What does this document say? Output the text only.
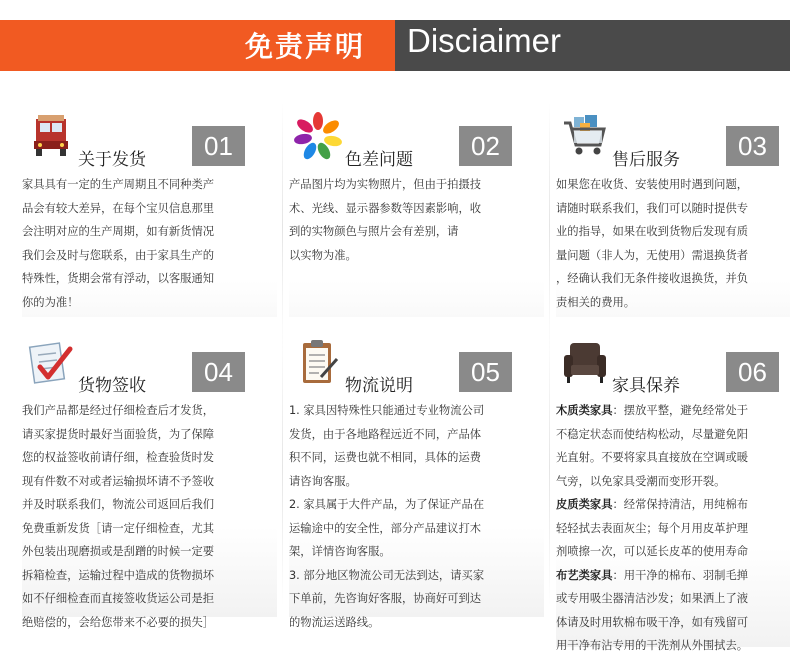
免责声明 Disciaimer
关于发货	01

家具具有一定的生产周期且不同种类产

品会有较大差异，在每个宝贝信息那里

会注明对应的生产周期，如有新货情况

我们会及时与您联系，由于家具生产的

特殊性，货期会常有浮动，以客服通知

你的为准！

色差问题	02

产品图片均为实物照片，但由于拍摄技

术、光线、显示器参数等因素影响，收

到的实物颜色与照片会有差别，请

以实物为准。

售后服务	03

如果您在收货、安装使用时遇到问题，

请随时联系我们，我们可以随时提供专

业的指导，如果在收到货物后发现有质

量问题（非人为，无使用）需退换货者

，经确认我们无条件接收退换货，并负

责相关的费用。

货物签收	04

我们产品都是经过仔细检查后才发货，

请买家提货时最好当面验货，为了保障

您的权益签收前请仔细，检查验货时发

现有件数不对或者运输损坏请不予签收

并及时联系我们，物流公司返回后我们

免费重新发货［请一定仔细检查，尤其

外包装出现磨损或是刮蹭的时候一定要

拆箱检查，运输过程中造成的货物损坏

如不仔细检查而直接签收货运公司是拒

绝赔偿的，会给您带来不必要的损失］

物流说明	05

1. 家具因特殊性只能通过专业物流公司

发货，由于各地路程远近不同，产品体

积不同，运费也就不相同，具体的运费

请咨询客服。

2. 家具属于大件产品，为了保证产品在

运输途中的安全性，部分产品建议打木

架，详情咨询客服。

3. 部分地区物流公司无法到达，请买家

下单前，先咨询好客服，协商好可到达

的物流运送路线。

家具保养	06

木质类家具：摆放平整，避免经常处于

不稳定状态而使结构松动，尽量避免阳

光直射。不要将家具直接放在空调或暖

气旁，以免家具受潮而变形开裂。

皮质类家具：经常保持清洁，用纯棉布

轻轻拭去表面灰尘；每个月用皮革护理

剂喷擦一次，可以延长皮革的使用寿命

布艺类家具：用干净的棉布、羽制毛掸

或专用吸尘器清洁沙发；如果洒上了液

体请及时用软棉布吸干净，如有残留可

用干净布沾专用的干洗剂从外围拭去。
